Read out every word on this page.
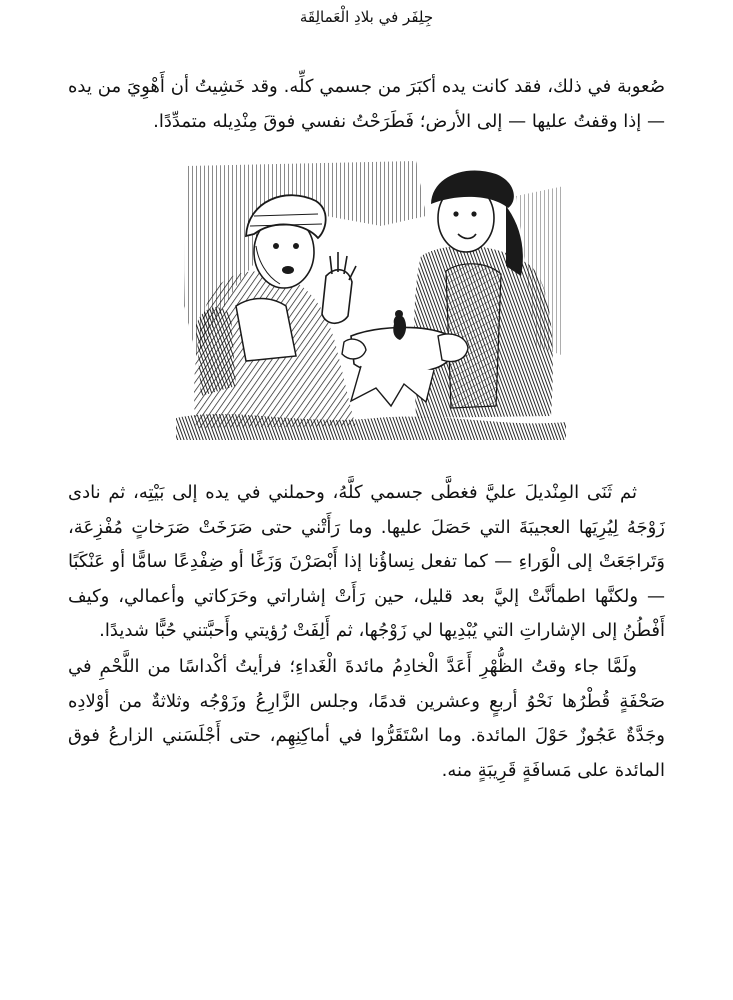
جِلِفَر في بلادِ الْعَمالِقَة

صُعوبة في ذلك، فقد كانت يده أكبَرَ من جسمي كلِّه. وقد خَشِيتُ أن أَهْوِيَ من يده — إذا وقفتُ عليها — إلى الأرض؛ فَطَرَحْتُ نفسي فوقَ مِنْدِيله متمدِّدًا.

ثم ثَنَى المِنْديلَ عليَّ فغطَّى جسمي كلَّهُ، وحملني في يده إلى بَيْتِه، ثم نادى زَوْجَهُ لِيُرِيَها العجيبَةَ التي حَصَلَ عليها. وما رَأَتْني حتى صَرَخَتْ صَرَخاتٍ مُفْزِعَة، وَتَراجَعَتْ إلى الْوَراءِ — كما تفعل نِساؤُنا إذا أَبْصَرْنَ وَزَغًا أو ضِفْدِعًا سامًّا أو عَنْكَبًا — ولكنَّها اطمأنَّتْ إليَّ بعد قليل، حين رَأَتْ إشاراتي وحَرَكاتي وأعمالي، وكيف أَفْطُنُ إلى الإشاراتِ التي يُبْدِيها لي زَوْجُها، ثم أَلِفَتْ رُؤيتي وأَحبَّتني حُبًّا شديدًا.

ولَمَّا جاء وقتُ الظُّهْرِ أَعَدَّ الْخادِمُ مائدةَ الْغَداءِ؛ فرأيتُ أكْداسًا من اللَّحْمِ في صَحْفَةٍ قُطْرُها نَحْوُ أربعٍ وعشرين قدمًا، وجلس الزَّارِعُ وزَوْجُه وثلاثةٌ من أوْلادِه وجَدَّةٌ عَجُوزٌ حَوْلَ المائدة. وما اسْتَقَرُّوا في أماكِنِهِم، حتى أَجْلَسَني الزارعُ فوق المائدة على مَسافَةٍ قَرِيبَةٍ منه.
